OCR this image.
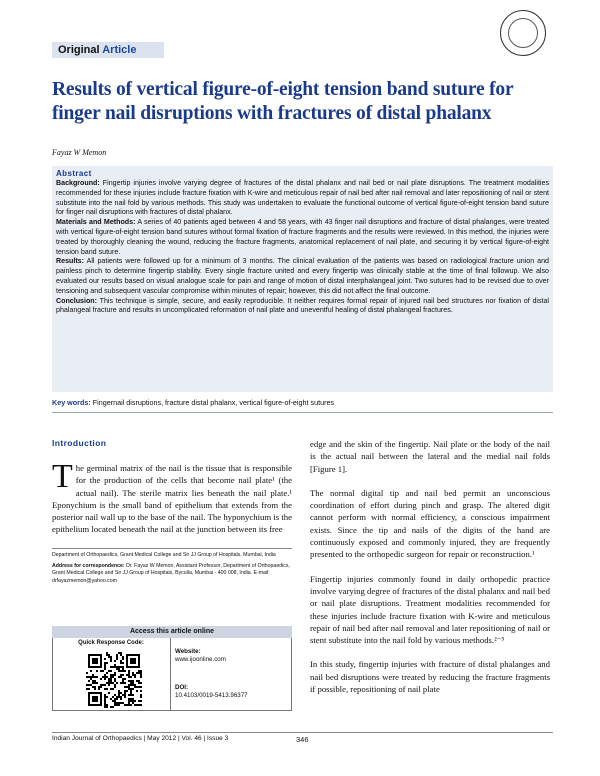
Original Article
Results of vertical figure-of-eight tension band suture for finger nail disruptions with fractures of distal phalanx
Fayaz W Memon
Abstract

Background: Fingertip injuries involve varying degree of fractures of the distal phalanx and nail bed or nail plate disruptions. The treatment modalities recommended for these injuries include fracture fixation with K-wire and meticulous repair of nail bed after nail removal and later repositioning of nail or stent substitute into the nail fold by various methods. This study was undertaken to evaluate the functional outcome of vertical figure-of-eight tension band suture for finger nail disruptions with fractures of distal phalanx.

Materials and Methods: A series of 40 patients aged between 4 and 58 years, with 43 finger nail disruptions and fracture of distal phalanges, were treated with vertical figure-of-eight tension band sutures without formal fixation of fracture fragments and the results were reviewed. In this method, the injuries were treated by thoroughly cleaning the wound, reducing the fracture fragments, anatomical replacement of nail plate, and securing it by vertical figure-of-eight tension band suture.

Results: All patients were followed up for a minimum of 3 months. The clinical evaluation of the patients was based on radiological fracture union and painless pinch to determine fingertip stability. Every single fracture united and every fingertip was clinically stable at the time of final followup. We also evaluated our results based on visual analogue scale for pain and range of motion of distal interphalangeal joint. Two sutures had to be revised due to over tensioning and subsequent vascular compromise within minutes of repair; however, this did not affect the final outcome.

Conclusion: This technique is simple, secure, and easily reproducible. It neither requires formal repair of injured nail bed structures nor fixation of distal phalangeal fracture and results in uncomplicated reformation of nail plate and uneventful healing of distal phalangeal fractures.

Key words: Fingernail disruptions, fracture distal phalanx, vertical figure-of-eight sutures
Introduction
The germinal matrix of the nail is the tissue that is responsible for the production of the cells that become nail plate¹ (the actual nail). The sterile matrix lies beneath the nail plate.¹ Eponychium is the small band of epithelium that extends from the posterior nail wall up to the base of the nail. The hyponychium is the epithelium located beneath the nail at the junction between its free

Department of Orthopaedics, Grant Medical College and Sir JJ Group of Hospitals, Mumbai, India

Address for correspondence: Dr. Fayaz W Memon, Assistant Professor, Department of Orthopaedics, Grant Medical College and Sir JJ Group of Hospitals, Byculla, Mumbai - 400 008, India. E-mail: drfayazmemon@yahoo.com

Access this article online
Quick Response Code:
Website:
www.ijoonline.com
DOI:
10.4103/0019-5413.96377

edge and the skin of the fingertip. Nail plate or the body of the nail is the actual nail between the lateral and the medial nail folds [Figure 1].

The normal digital tip and nail bed permit an unconscious coordination of effort during pinch and grasp. The altered digit cannot perform with normal efficiency, a conscious impairment exists. Since the tip and nails of the digits of the hand are continuously exposed and commonly injured, they are frequently presented to the orthopedic surgeon for repair or reconstruction.¹

Fingertip injuries commonly found in daily orthopedic practice involve varying degree of fractures of the distal phalanx and nail bed or nail plate disruptions. Treatment modalities recommended for these injuries include fracture fixation with K-wire and meticulous repair of nail bed after nail removal and later repositioning of nail or stent substitute into the nail fold by various methods.²⁻⁵

In this study, fingertip injuries with fracture of distal phalanges and nail bed disruptions were treated by reducing the fracture fragments if possible, repositioning of nail plate

Indian Journal of Orthopaedics | May 2012 | Vol. 46 | Issue 3	346
